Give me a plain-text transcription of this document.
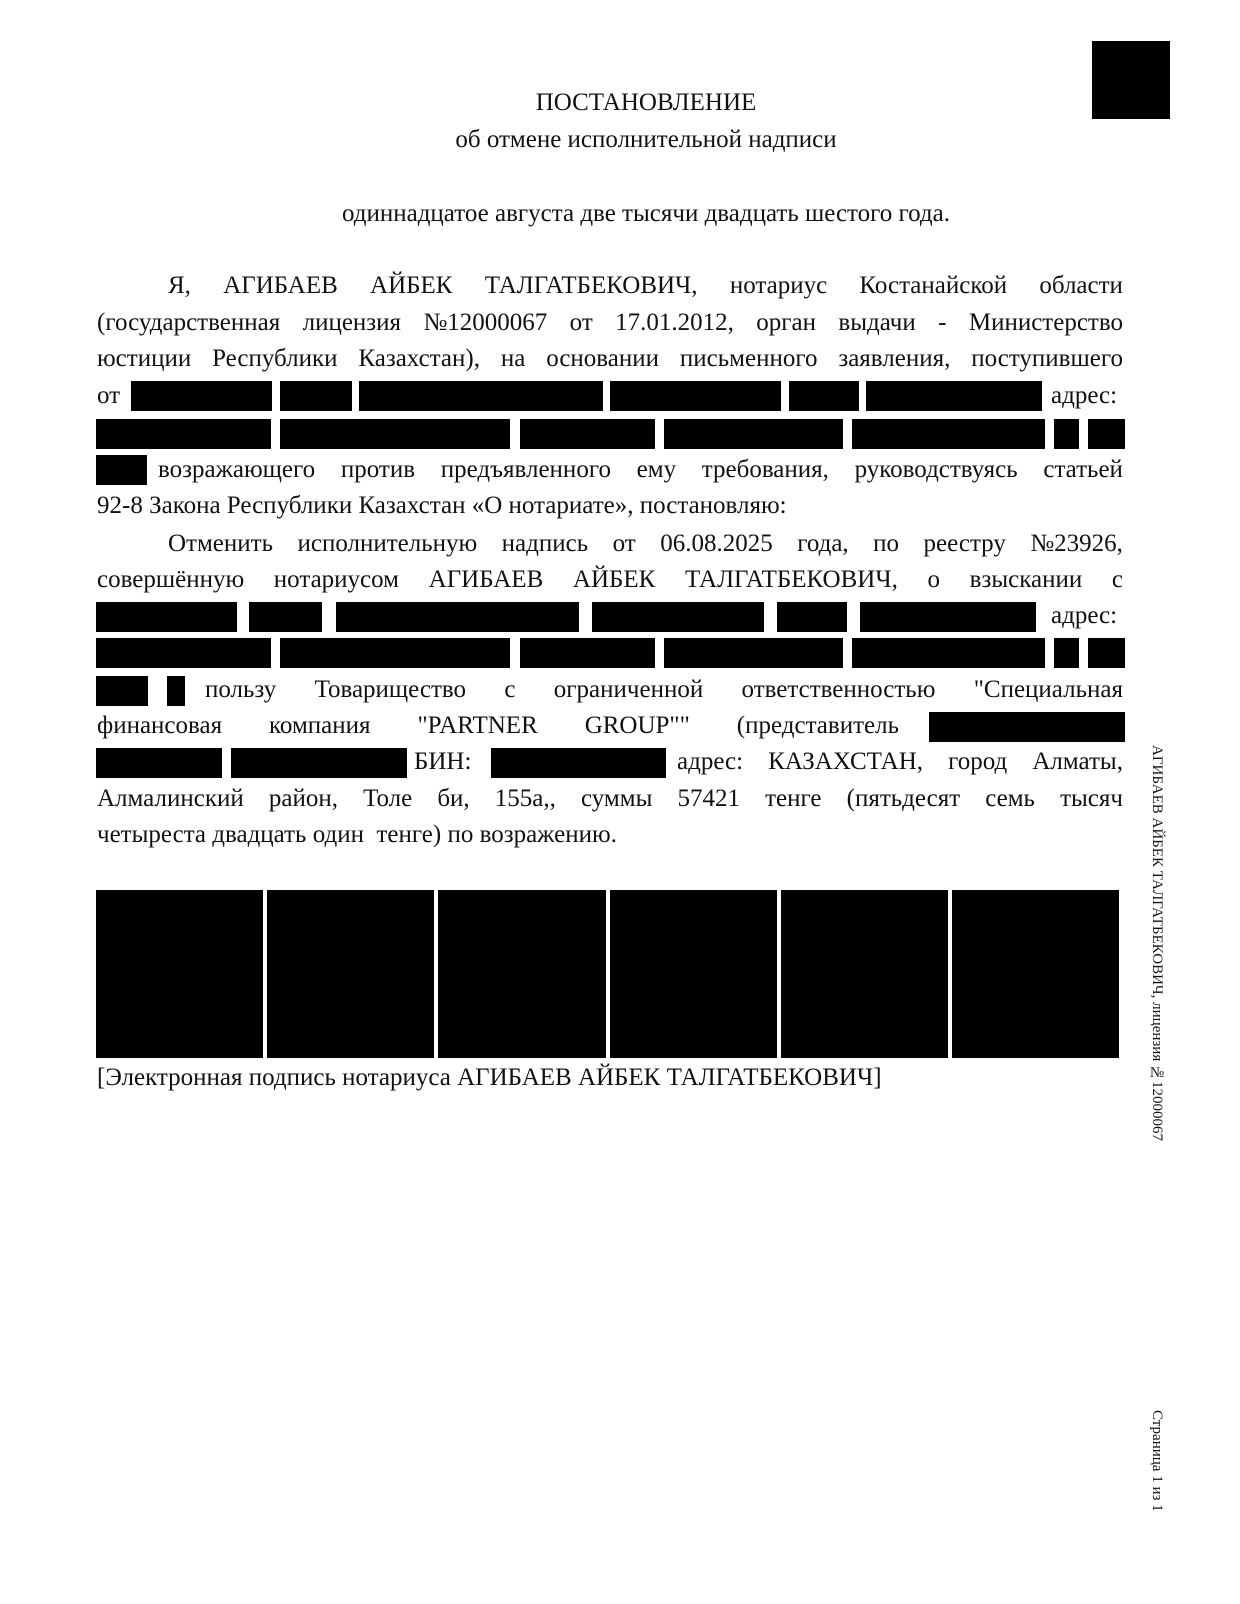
ПОСТАНОВЛЕНИЕ
об отмене исполнительной надписи
одиннадцатое августа две тысячи двадцать шестого года.
Я, АГИБАЕВ АЙБЕК ТАЛГАТБЕКОВИЧ, нотариус Костанайской области
(государственная лицензия №12000067 от 17.01.2012, орган выдачи - Министерство
юстиции Республики Казахстан), на основании письменного заявления, поступившего
от	адрес:
возражающего против предъявленного ему требования, руководствуясь статьей
92-8 Закона Республики Казахстан «О нотариате», постановляю:
Отменить исполнительную надпись от 06.08.2025 года, по реестру №23926,
совершённую нотариусом АГИБАЕВ АЙБЕК ТАЛГАТБЕКОВИЧ, о взыскании с
адрес:
пользу Товарищество с ограниченной ответственностью "Специальная
финансовая компания "PARTNER GROUP"" (представитель
БИН:	адрес: КАЗАХСТАН, город Алматы,
Алмалинский район, Толе би, 155а,, суммы 57421 тенге (пятьдесят семь тысяч
четыреста двадцать один  тенге) по возражению.
[Электронная подпись нотариуса АГИБАЕВ АЙБЕК ТАЛГАТБЕКОВИЧ]	АГИБАЕВ АЙБЕК ТАЛГАТБЕКОВИЧ, лицензия №12000067
Страница 1 из 1
